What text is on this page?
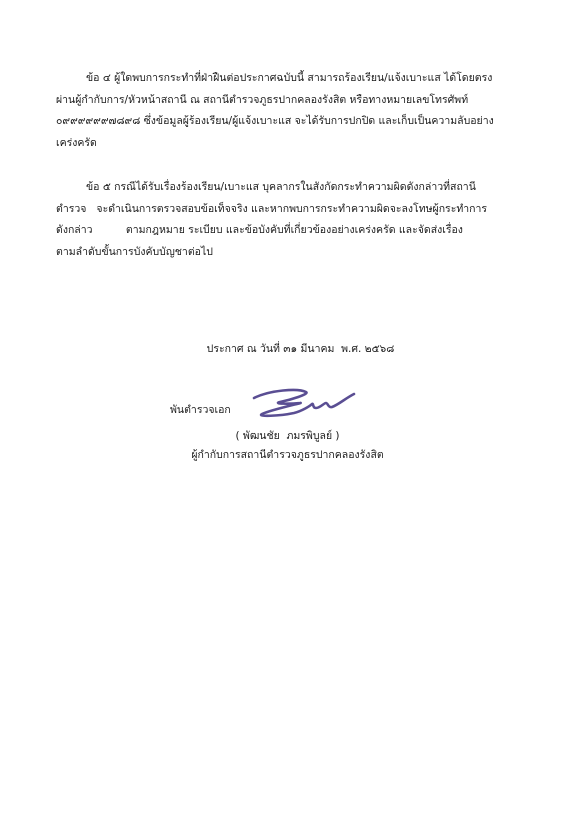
ข้อ ๔ ผู้ใดพบการกระทำที่ฝ่าฝืนต่อประกาศฉบับนี้ สามารถร้องเรียน/แจ้งเบาะแส ได้โดยตรง
ผ่านผู้กำกับการ/หัวหน้าสถานี ณ สถานีตำรวจภูธรปากคลองรังสิต หรือทางหมายเลขโทรศัพท์
๐๙๙๙๙๙๙๗๘๙๘ ซึ่งข้อมูลผู้ร้องเรียน/ผู้แจ้งเบาะแส จะได้รับการปกปิด และเก็บเป็นความลับอย่าง
เคร่งครัด
ข้อ ๕ กรณีได้รับเรื่องร้องเรียน/เบาะแส บุคลากรในสังกัดกระทำความผิดดังกล่าวที่สถานี
ตำรวจ   จะดำเนินการตรวจสอบข้อเท็จจริง และหากพบการกระทำความผิดจะลงโทษผู้กระทำการ
ดังกล่าว          ตามกฎหมาย ระเบียบ และข้อบังคับที่เกี่ยวข้องอย่างเคร่งครัด และจัดส่งเรื่อง
ตามลำดับขั้นการบังคับบัญชาต่อไป
ประกาศ ณ วันที่ ๓๑ มีนาคม  พ.ศ. ๒๕๖๘
พันตำรวจเอก
( พัฒนชัย  ภมรพิบูลย์ )
ผู้กำกับการสถานีตำรวจภูธรปากคลองรังสิต
